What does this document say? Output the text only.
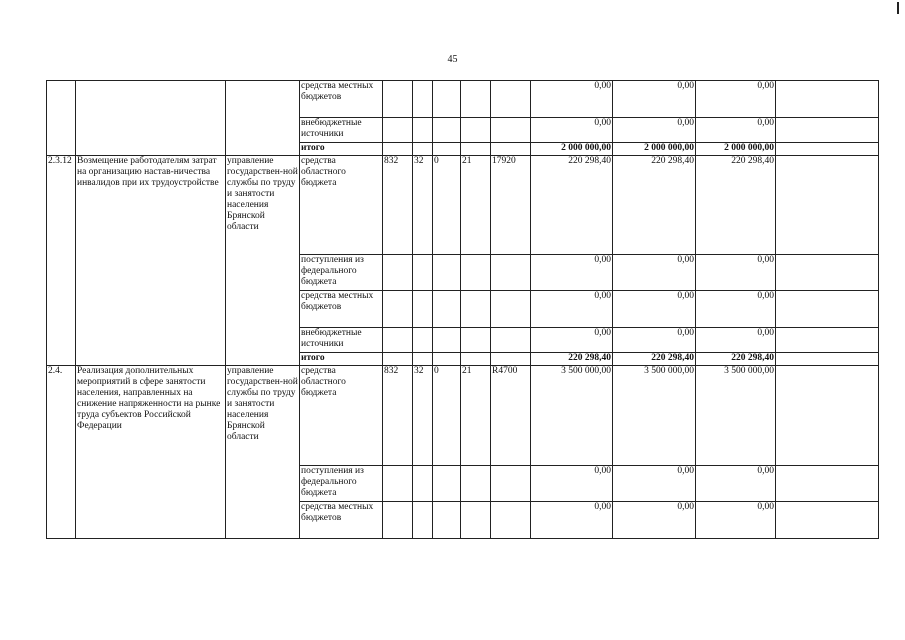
45
			средства местных бюджетов						0,00	0,00	0,00	
			внебюджетные источники						0,00	0,00	0,00	
			итого						2 000 000,00	2 000 000,00	2 000 000,00	
2.3.12	Возмещение работодателям затрат на организацию настав-ничества инвалидов при их трудоустройстве	управление государствен-ной службы по труду и занятости населения Брянской области	средства областного бюджета	832	32	0	21	17920	220 298,40	220 298,40	220 298,40	
			поступления из федерального бюджета						0,00	0,00	0,00	
			средства местных бюджетов						0,00	0,00	0,00	
			внебюджетные источники						0,00	0,00	0,00	
			итого						220 298,40	220 298,40	220 298,40	
2.4.	Реализация дополнительных мероприятий в сфере занятости населения, направленных на снижение напряженности на рынке труда субъектов Российской Федерации	управление государствен-ной службы по труду и занятости населения Брянской области	средства областного бюджета	832	32	0	21	R4700	3 500 000,00	3 500 000,00	3 500 000,00	
			поступления из федерального бюджета						0,00	0,00	0,00	
			средства местных бюджетов						0,00	0,00	0,00	
